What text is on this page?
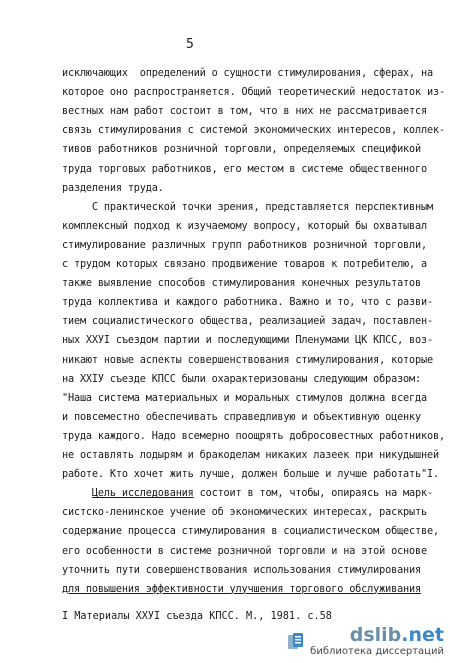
5
исключающих  определений о сущности стимулирования, сферах, на
которое оно распространяется. Общий теоретический недостаток из-
вестных нам работ состоит в том, что в них не рассматривается
связь стимулирования с системой экономических интересов, коллек-
тивов работников розничной торговли, определяемых спецификой
труда торговых работников, его местом в системе общественного
разделения труда.
С практической точки зрения, представляется перспективным
комплексный подход к изучаемому вопросу, который бы охватывал
стимулирование различных групп работников розничной торговли,
с трудом которых связано продвижение товаров к потребителю, а
также выявление способов стимулирования конечных результатов
труда коллектива и каждого работника. Важно и то, что с разви-
тием социалистического общества, реализацией задач, поставлен-
ных XXУI съездом партии и последующими Пленумами ЦК КПСС, воз-
никают новые аспекты совершенствования стимулирования, которые
на XXIУ съезде КПСС были охарактеризованы следующим образом:
"Наша система материальных и моральных стимулов должна всегда
и повсеместно обеспечивать справедливую и объективную оценку
труда каждого. Надо всемерно поощрять добросовестных работников,
не оставлять лодырям и бракоделам никаких лазеек при никудышней
работе. Кто хочет жить лучше, должен больше и лучше работать"I.
Цель исследования состоит в том, чтобы, опираясь на марк-
систско-ленинское учение об экономических интересах, раскрыть
содержание процесса стимулирования в социалистическом обществе,
его особенности в системе розничной торговли и на этой основе
уточнить пути совершенствования использования стимулирования
для повышения эффективности улучшения торгового обслуживания
I Материалы XXУI съезда КПСС. М., 1981. с.58
dslib.net
библиотека диссертаций
